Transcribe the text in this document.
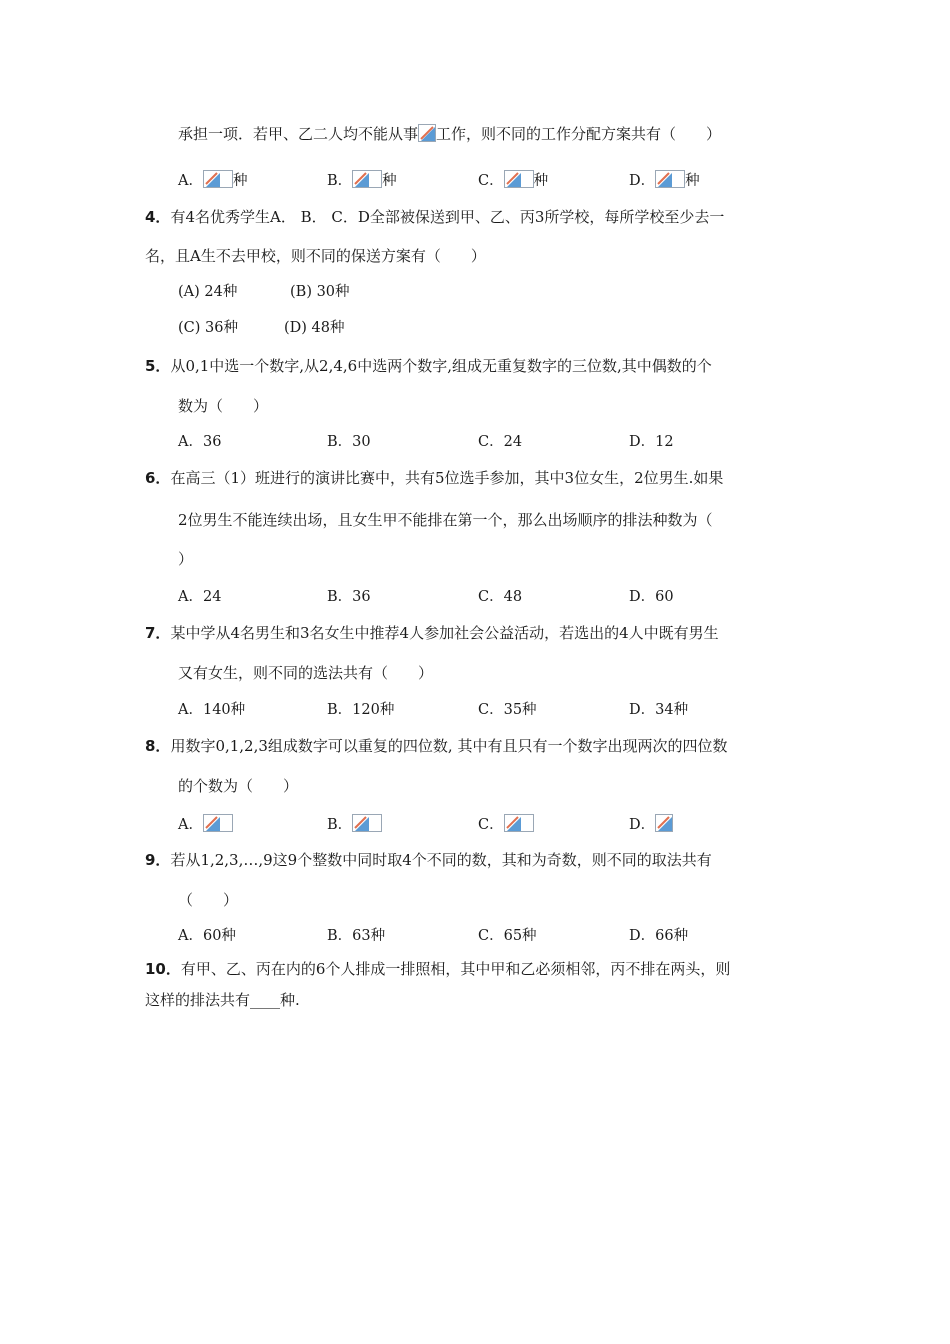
承担一项．若甲、乙二人均不能从事 工作，则不同的工作分配方案共有（　　）
A． 种	B． 种	C． 种	D． 种
4．有4名优秀学生A． B． C．D全部被保送到甲、乙、丙3所学校，每所学校至少去一
名，且A生不去甲校，则不同的保送方案有（　　）
(A) 24种	(B) 30种
(C) 36种	(D) 48种
5．从0,1中选一个数字,从2,4,6中选两个数字,组成无重复数字的三位数,其中偶数的个
数为（　　）
A．36	B．30	C．24	D．12
6．在高三（1）班进行的演讲比赛中，共有5位选手参加，其中3位女生，2位男生.如果
2位男生不能连续出场，且女生甲不能排在第一个，那么出场顺序的排法种数为（
）
A．24	B．36	C．48	D．60
7．某中学从4名男生和3名女生中推荐4人参加社会公益活动，若选出的4人中既有男生
又有女生，则不同的选法共有（　　）
A．140种	B．120种	C．35种	D．34种
8．用数字0,1,2,3组成数字可以重复的四位数, 其中有且只有一个数字出现两次的四位数
的个数为（　　）
A．	B．	C．	D．
9．若从1,2,3,…,9这9个整数中同时取4个不同的数，其和为奇数，则不同的取法共有
（　　）
A．60种	B．63种	C．65种	D．66种
10．有甲、乙、丙在内的6个人排成一排照相，其中甲和乙必须相邻，丙不排在两头，则
这样的排法共有____种.
